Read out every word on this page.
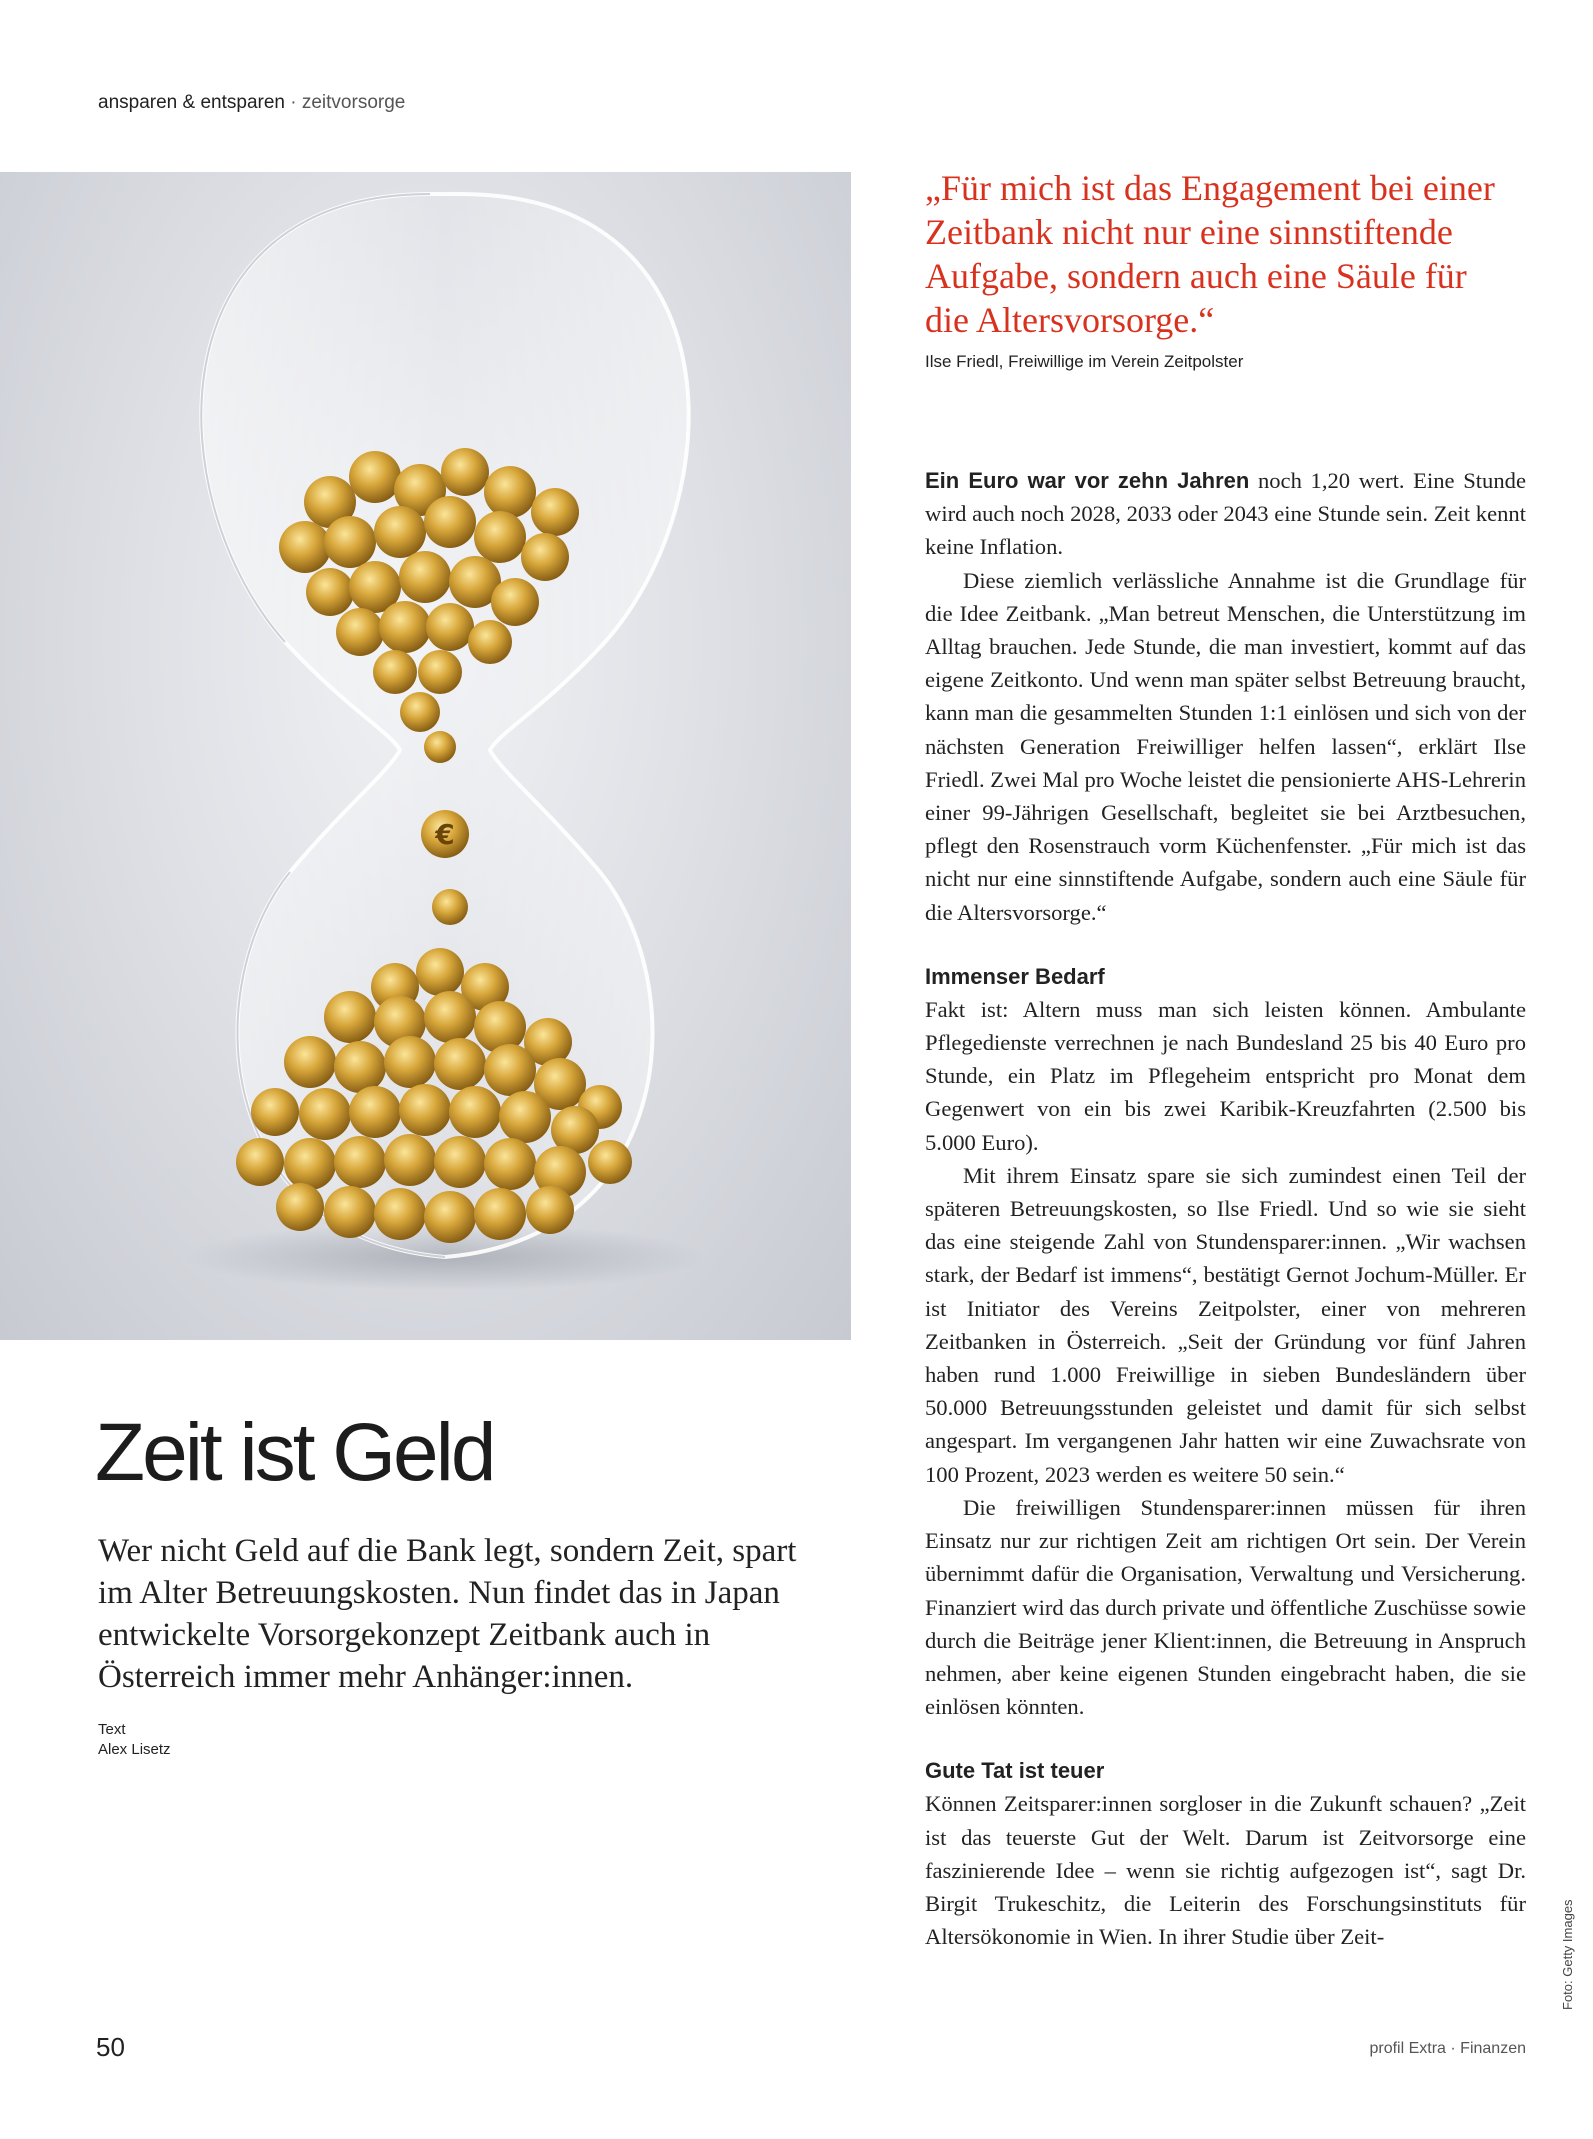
ansparen & entsparen · zeitvorsorge
€
„Für mich ist das Engagement bei einer Zeitbank nicht nur eine sinnstiftende Aufgabe, sondern auch eine Säule für die Altersvorsorge.“
Ilse Friedl, Freiwillige im Verein Zeitpolster

Ein Euro war vor zehn Jahren noch 1,20 wert. Eine Stunde wird auch noch 2028, 2033 oder 2043 eine Stunde sein. Zeit kennt keine Inflation.

Diese ziemlich verlässliche Annahme ist die Grundlage für die Idee Zeitbank. „Man betreut Menschen, die Unterstützung im Alltag brauchen. Jede Stunde, die man investiert, kommt auf das eigene Zeitkonto. Und wenn man später selbst Betreuung braucht, kann man die gesammelten Stunden 1:1 einlösen und sich von der nächsten Generation Freiwilliger helfen lassen“, erklärt Ilse Friedl. Zwei Mal pro Woche leistet die pensionierte AHS-Lehrerin einer 99-Jährigen Gesellschaft, begleitet sie bei Arztbesuchen, pflegt den Rosenstrauch vorm Küchenfenster. „Für mich ist das nicht nur eine sinnstiftende Aufgabe, sondern auch eine Säule für die Altersvorsorge.“

Immenser Bedarf

Fakt ist: Altern muss man sich leisten können. Ambulante Pflegedienste verrechnen je nach Bundesland 25 bis 40 Euro pro Stunde, ein Platz im Pflegeheim entspricht pro Monat dem Gegenwert von ein bis zwei Karibik-Kreuzfahrten (2.500 bis 5.000 Euro).

Mit ihrem Einsatz spare sie sich zumindest einen Teil der späteren Betreuungskosten, so Ilse Friedl. Und so wie sie sieht das eine steigende Zahl von Stundensparer:innen. „Wir wachsen stark, der Bedarf ist immens“, bestätigt Gernot Jochum-Müller. Er ist Initiator des Vereins Zeitpolster, einer von mehreren Zeitbanken in Österreich. „Seit der Gründung vor fünf Jahren haben rund 1.000 Freiwillige in sieben Bundesländern über 50.000 Betreuungsstunden geleistet und damit für sich selbst angespart. Im vergangenen Jahr hatten wir eine Zuwachsrate von 100 Prozent, 2023 werden es weitere 50 sein.“

Die freiwilligen Stundensparer:innen müssen für ihren Einsatz nur zur richtigen Zeit am richtigen Ort sein. Der Verein übernimmt dafür die Organisation, Verwaltung und Versicherung. Finanziert wird das durch private und öffentliche Zuschüsse sowie durch die Beiträge jener Klient:innen, die Betreuung in Anspruch nehmen, aber keine eigenen Stunden eingebracht haben, die sie einlösen könnten.

Gute Tat ist teuer

Können Zeitsparer:innen sorgloser in die Zukunft schauen? „Zeit ist das teuerste Gut der Welt. Darum ist Zeitvorsorge eine faszinierende Idee – wenn sie richtig aufgezogen ist“, sagt Dr. Birgit Trukeschitz, die Leiterin des Forschungsinstituts für Altersökonomie in Wien. In ihrer Studie über Zeit-

Zeit ist Geld
Wer nicht Geld auf die Bank legt, sondern Zeit, spart im Alter Betreuungskosten. Nun findet das in Japan entwickelte Vorsorgekonzept Zeitbank auch in Österreich immer mehr Anhänger:innen.
Text
Alex Lisetz
Foto: Getty Images
50	profil Extra · Finanzen
